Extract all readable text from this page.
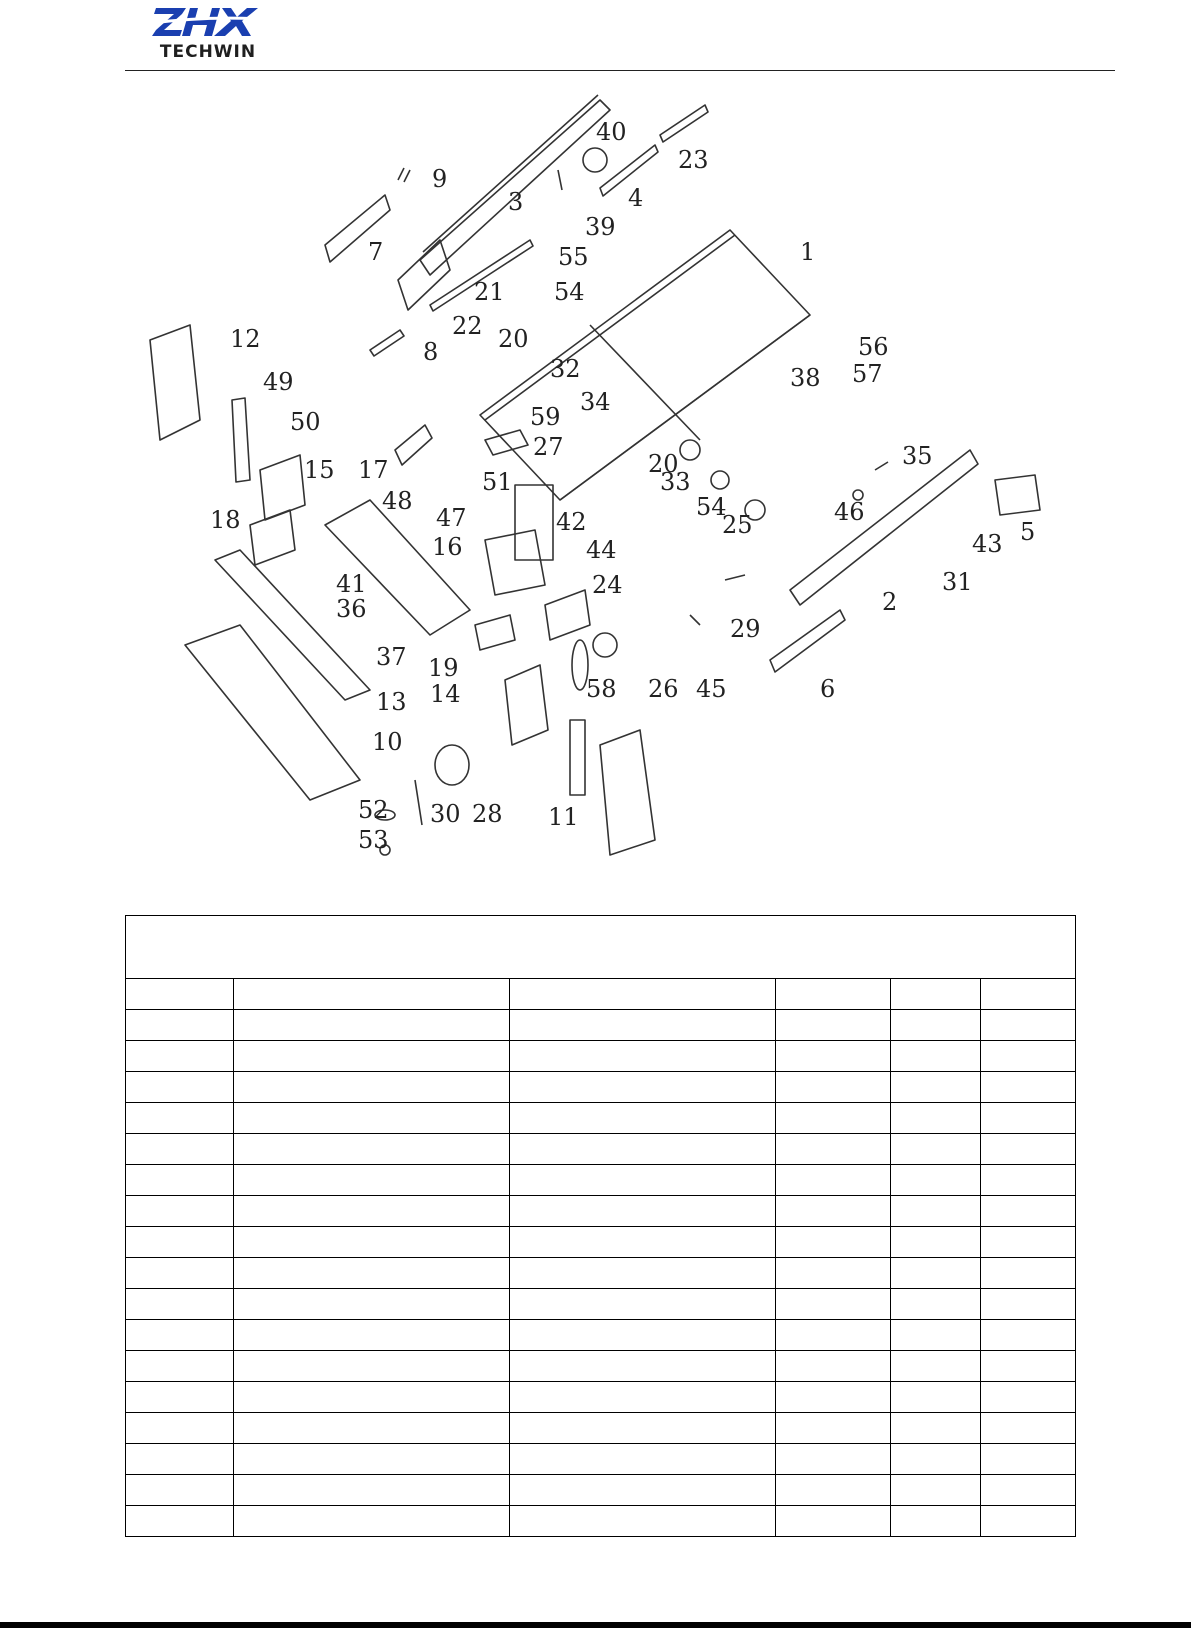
TECHWIN
1
2
3	4
5
6
7
8
9
10
11
12
13 14
15
16
17
18
19
20
20
21
22
23
24
25
26
27
28
29
30
31
32
33
34
35
36
37
38
39
40
41
42
43
44
45
46
47
48
49
50
51
52
53
54
54
55
56
57
58
59
